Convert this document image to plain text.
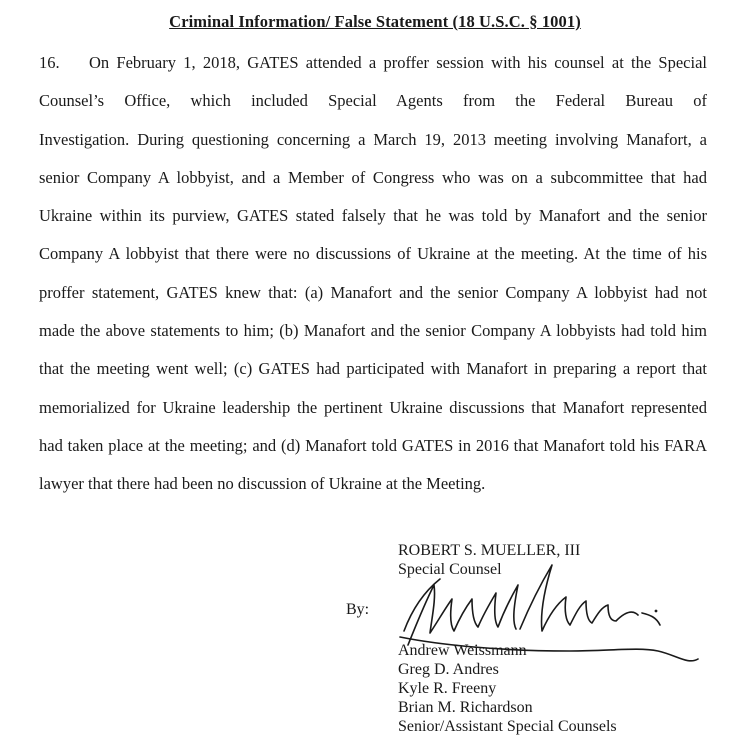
Criminal Information/ False Statement (18 U.S.C. § 1001)
16. On February 1, 2018, GATES attended a proffer session with his counsel at the Special
Counsel’s Office, which included Special Agents from the Federal Bureau of
Investigation. During questioning concerning a March 19, 2013 meeting involving Manafort, a
senior Company A lobbyist, and a Member of Congress who was on a subcommittee that had
Ukraine within its purview, GATES stated falsely that he was told by Manafort and the senior
Company A lobbyist that there were no discussions of Ukraine at the meeting. At the time of his
proffer statement, GATES knew that: (a) Manafort and the senior Company A lobbyist had not
made the above statements to him; (b) Manafort and the senior Company A lobbyists had told him
that the meeting went well; (c) GATES had participated with Manafort in preparing a report that
memorialized for Ukraine leadership the pertinent Ukraine discussions that Manafort represented
had taken place at the meeting; and (d) Manafort told GATES in 2016 that Manafort told his FARA
lawyer that there had been no discussion of Ukraine at the Meeting.
ROBERT S. MUELLER, III
Special Counsel
By:
Andrew Weissmann
Greg D. Andres
Kyle R. Freeny
Brian M. Richardson
Senior/Assistant Special Counsels
